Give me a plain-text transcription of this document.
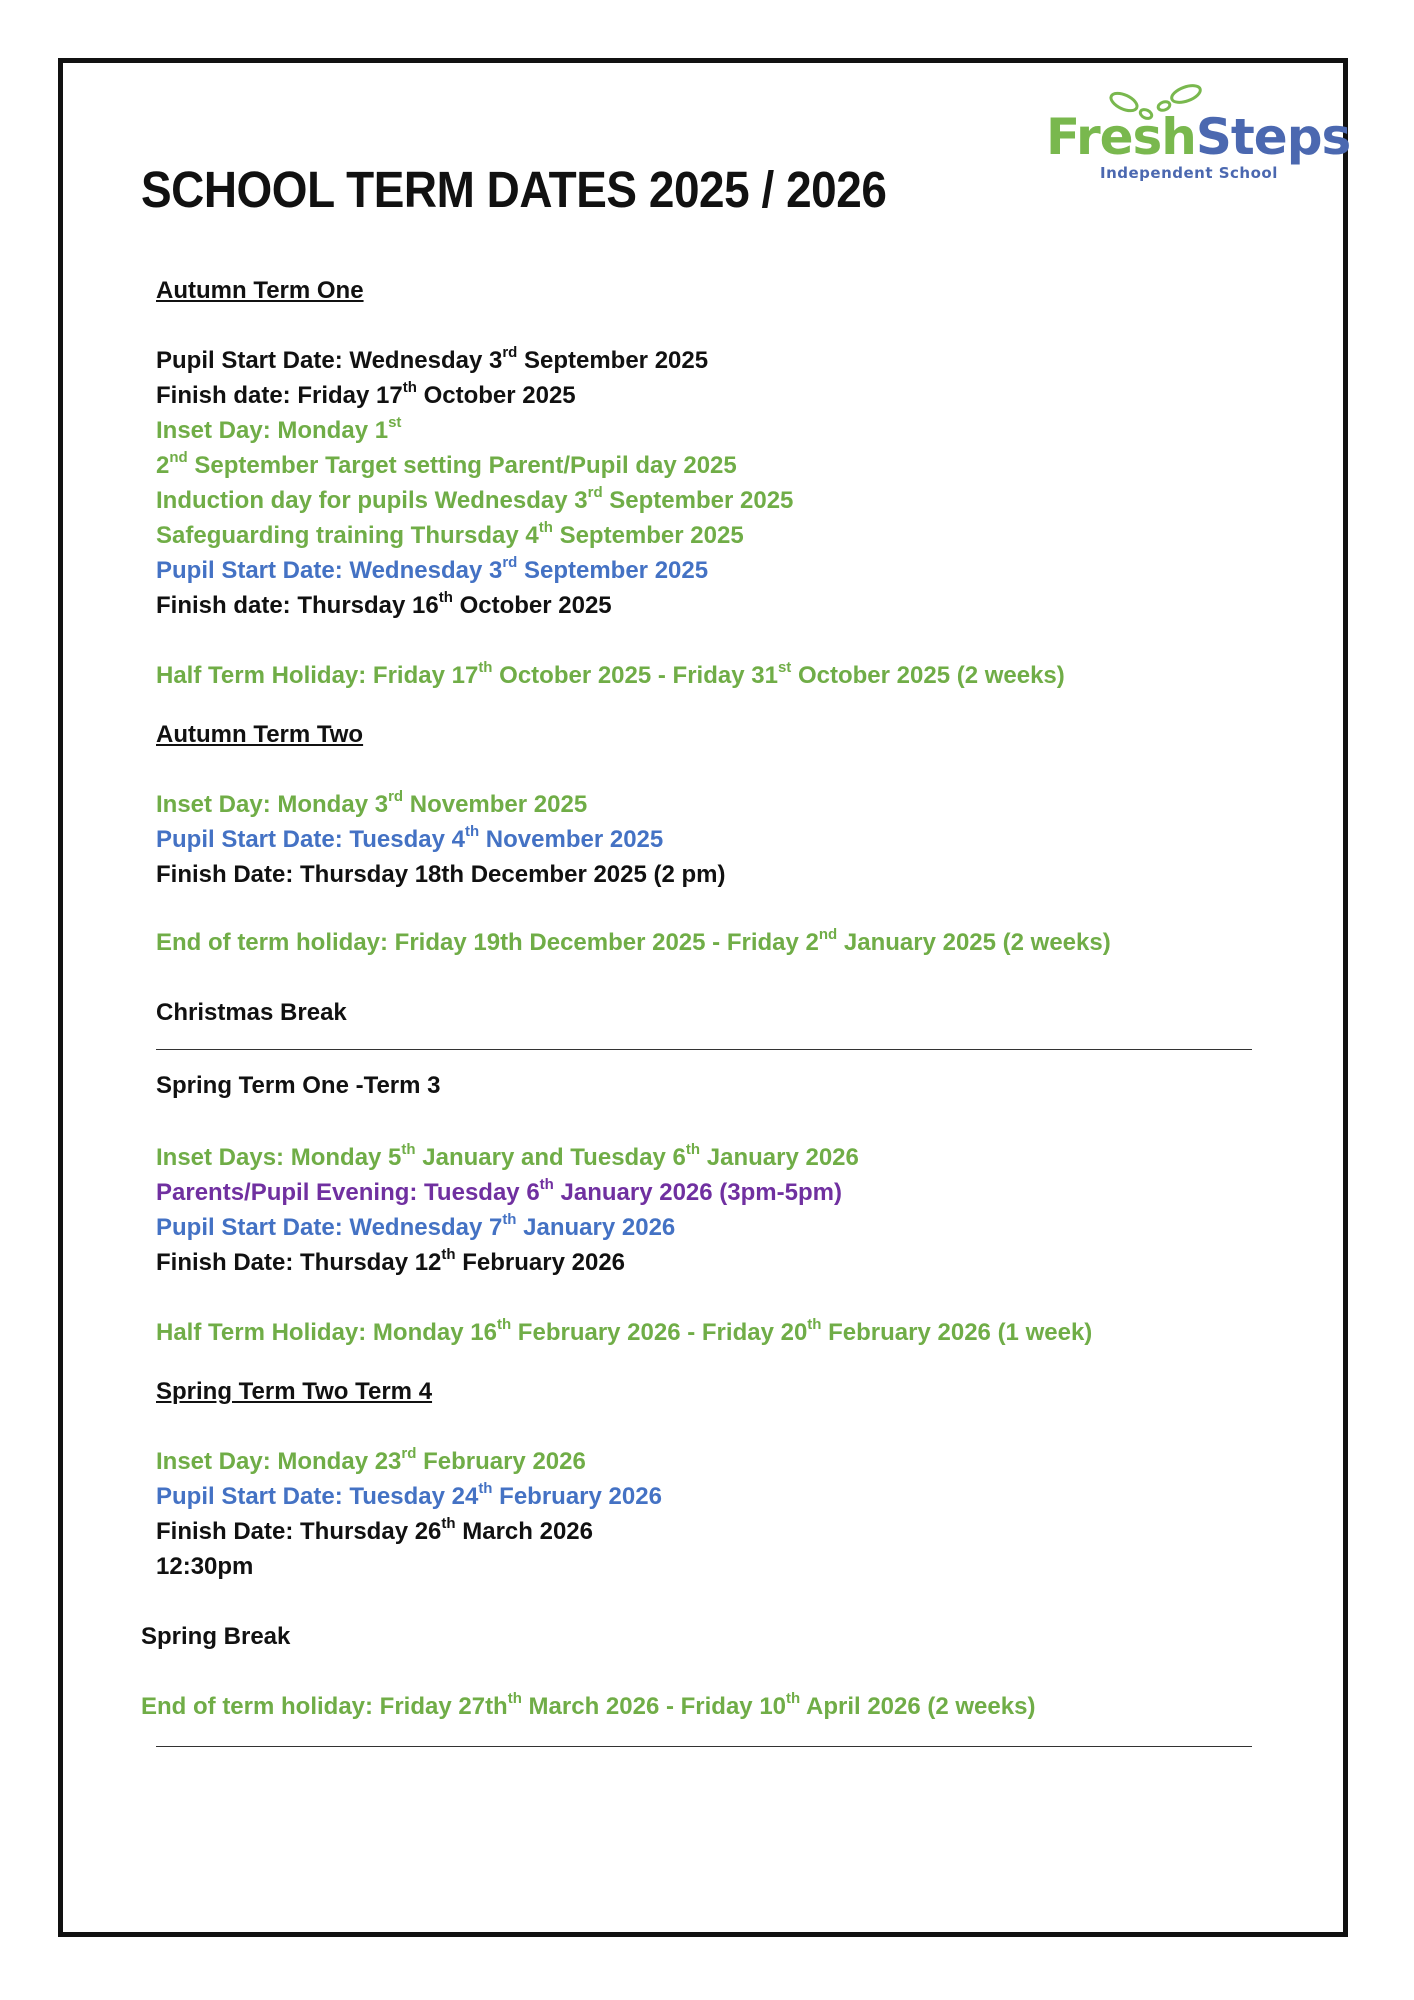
SCHOOL TERM DATES 2025 / 2026

FreshSteps

Independent School

Autumn Term One

Pupil Start Date: Wednesday 3rd September 2025

Finish date: Friday 17th October 2025

Inset Day: Monday 1st

2nd September Target setting Parent/Pupil day 2025

Induction day for pupils Wednesday 3rd September 2025

Safeguarding training Thursday 4th September 2025

Pupil Start Date: Wednesday 3rd September 2025

Finish date: Thursday 16th October 2025

Half Term Holiday: Friday 17th October 2025 - Friday 31st October 2025 (2 weeks)

Autumn Term Two

Inset Day: Monday 3rd November 2025

Pupil Start Date: Tuesday 4th November 2025

Finish Date: Thursday 18th December 2025 (2 pm)

End of term holiday: Friday 19th December 2025 - Friday 2nd January 2025 (2 weeks)

Christmas Break

Spring Term One -Term 3

Inset Days: Monday 5th January and Tuesday 6th January 2026

Parents/Pupil Evening: Tuesday 6th January 2026 (3pm-5pm)

Pupil Start Date: Wednesday 7th January 2026

Finish Date: Thursday 12th February 2026

Half Term Holiday: Monday 16th February 2026 - Friday 20th February 2026 (1 week)

Spring Term Two Term 4

Inset Day: Monday 23rd February 2026

Pupil Start Date: Tuesday 24th February 2026

Finish Date: Thursday 26th March 2026

12:30pm

Spring Break

End of term holiday: Friday $27th^{th}$ March 2026 - Friday 10th April 2026 (2 weeks)
